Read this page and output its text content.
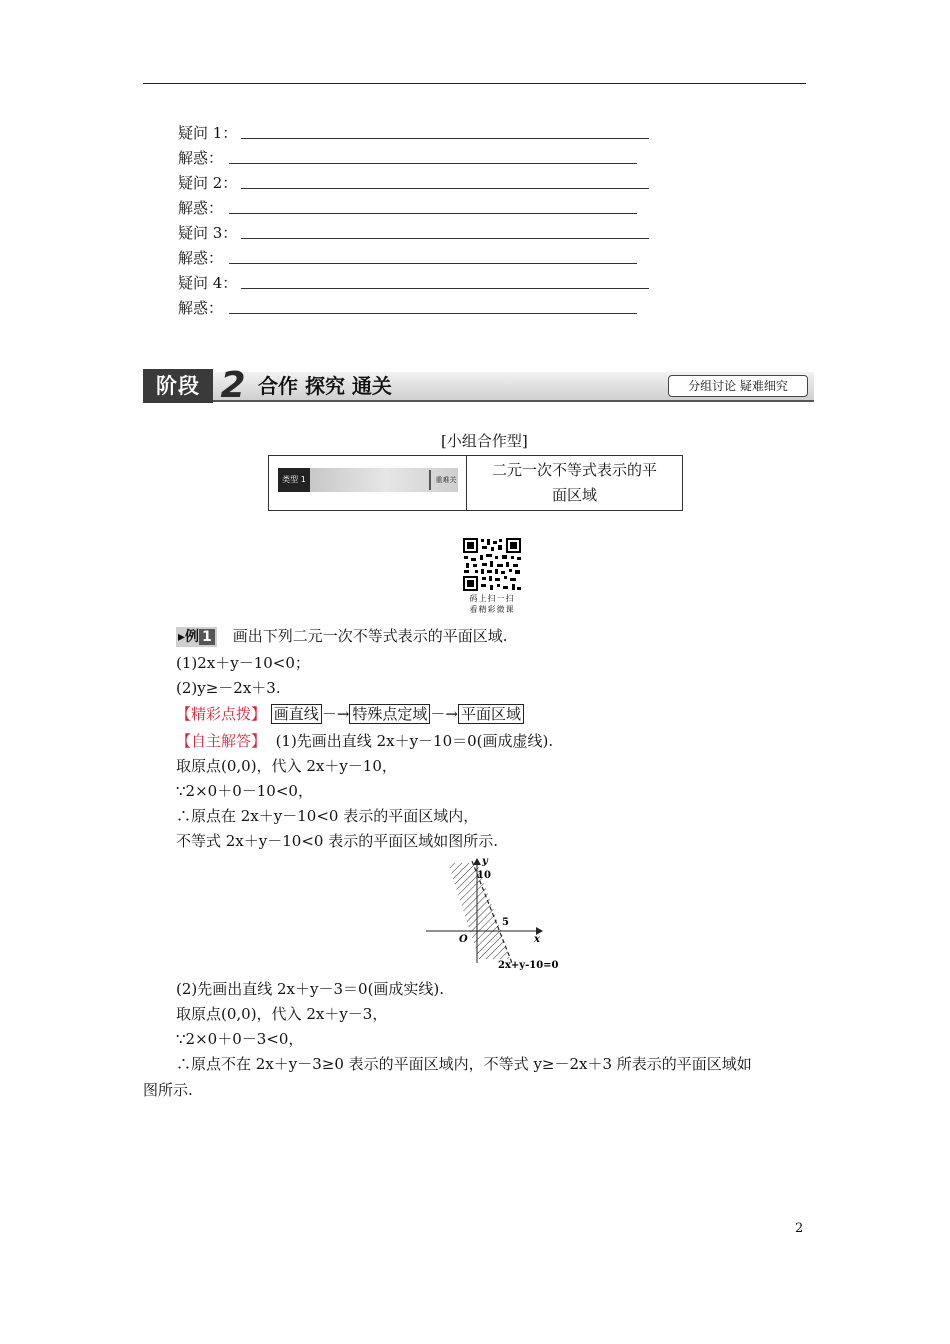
疑问 1：
解惑：
疑问 2：
解惑：
疑问 3：
解惑：
疑问 4：
解惑：
阶段 2 合作 探究 通关	分组讨论 疑难细究
[小组合作型]
类型 1	重难关
二元一次不等式表示的平
面区域
码上扫一扫
看精彩微课
▸例 1 画出下列二元一次不等式表示的平面区域.
(1)2x＋y－10<0；
(2)y≥－2x＋3.
【精彩点拨】 画直线 －→ 特殊点定域 －→ 平面区域
【自主解答】 (1)先画出直线 2x＋y－10＝0(画成虚线).
取原点(0,0)，代入 2x＋y－10，
∵2×0＋0－10<0，
∴原点在 2x＋y－10<0 表示的平面区域内，
不等式 2x＋y－10<0 表示的平面区域如图所示.
y
10
5
x
O
2x+y-10=0
(2)先画出直线 2x＋y－3＝0(画成实线).
取原点(0,0)，代入 2x＋y－3，
∵2×0＋0－3<0，
∴原点不在 2x＋y－3≥0 表示的平面区域内，不等式 y≥－2x＋3 所表示的平面区域如
图所示.
2
